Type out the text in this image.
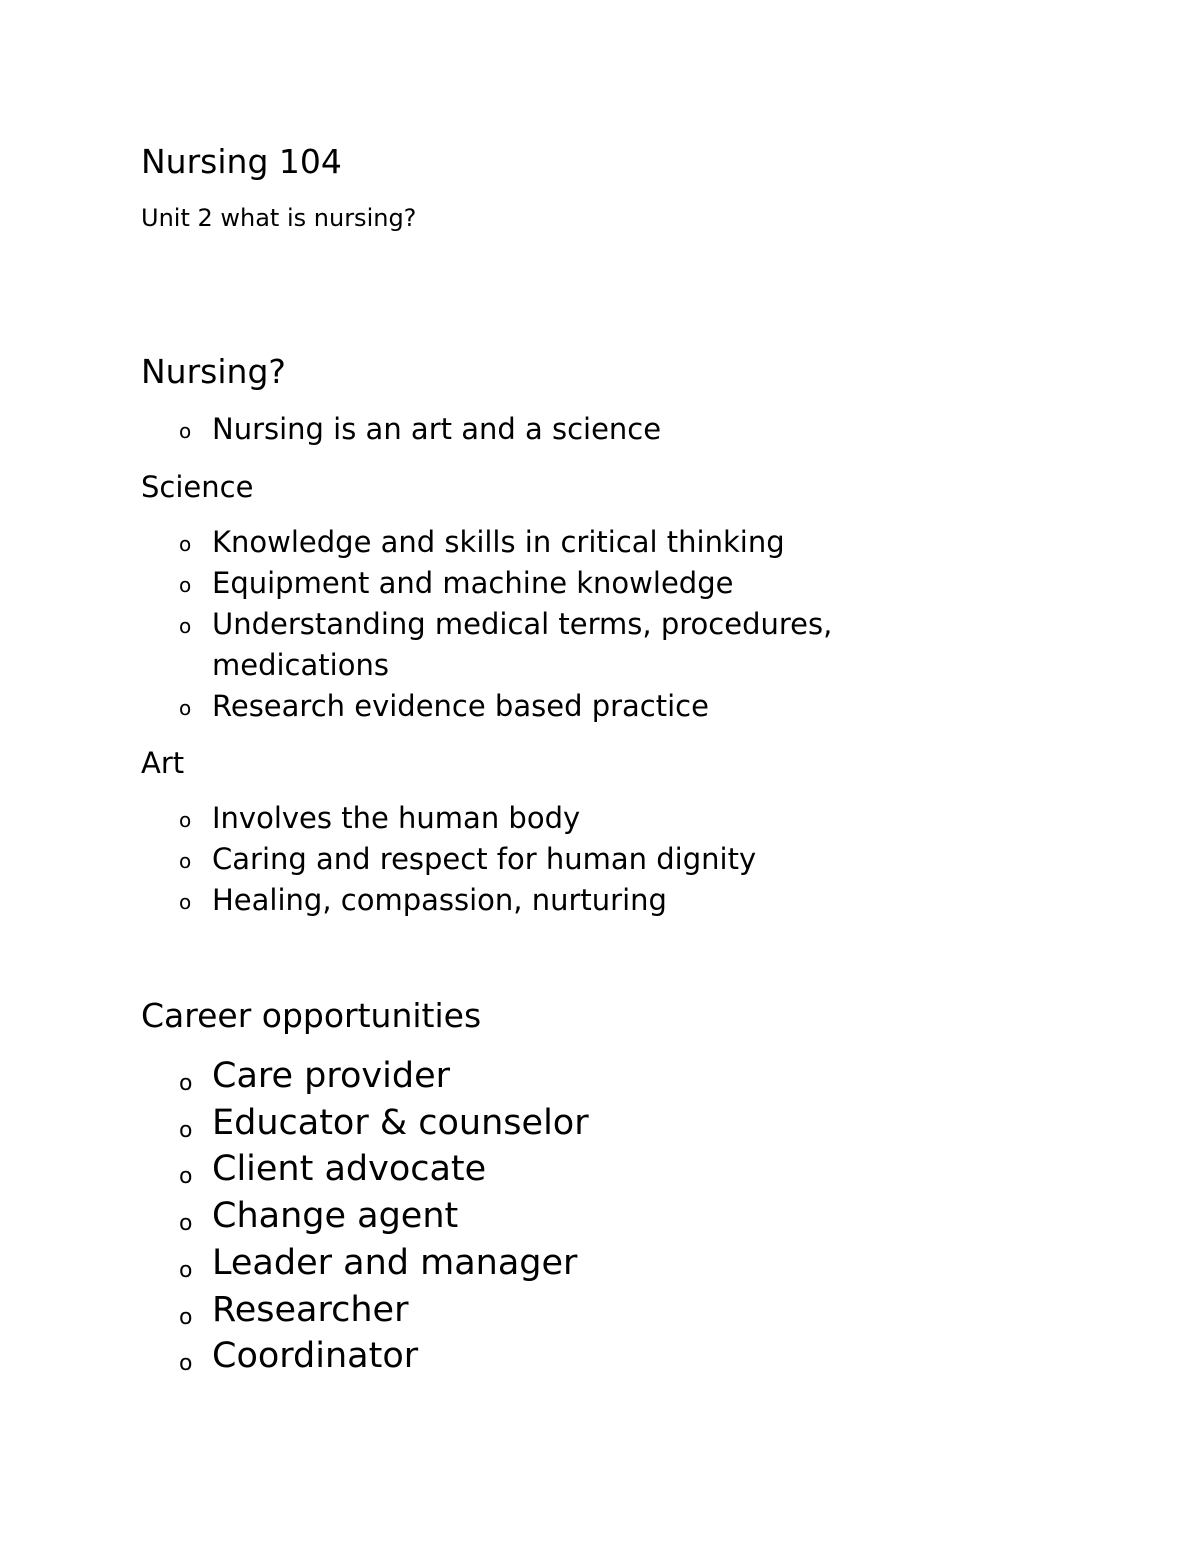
Nursing 104
Unit 2 what is nursing?
Nursing?
o Nursing is an art and a science
Science
o Knowledge and skills in critical thinking
o Equipment and machine knowledge
o Understanding medical terms, procedures, medications
o Research evidence based practice
Art
o Involves the human body
o Caring and respect for human dignity
o Healing, compassion, nurturing
Career opportunities
o Care provider
o Educator & counselor
o Client advocate
o Change agent
o Leader and manager
o Researcher
o Coordinator
